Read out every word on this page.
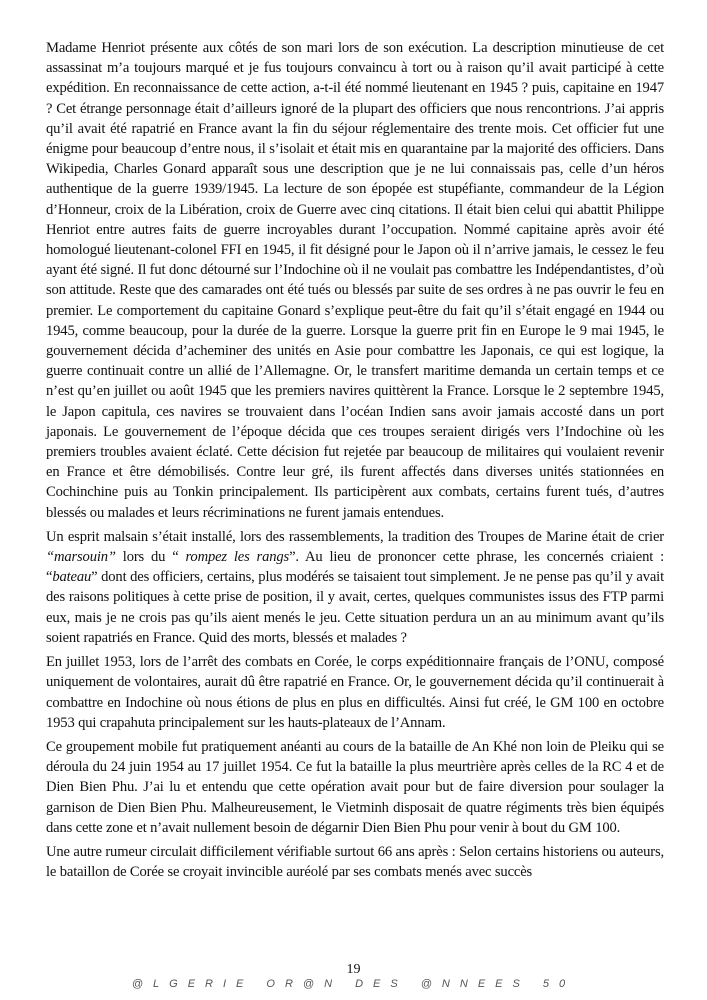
Madame Henriot présente aux côtés de son mari lors de son exécution. La description minutieuse de cet assassinat m’a toujours marqué et je fus toujours convaincu à tort ou à raison qu’il avait participé à cette expédition. En reconnaissance de cette action, a-t-il été nommé lieutenant en 1945 ? puis, capitaine en 1947 ? Cet étrange personnage était d’ailleurs ignoré de la plupart des officiers que nous rencontrions. J’ai appris qu’il avait été rapatrié en France avant la fin du séjour réglementaire des trente mois. Cet officier fut une énigme pour beaucoup d’entre nous, il s’isolait et était mis en quarantaine par la majorité des officiers. Dans Wikipedia, Charles Gonard apparaît sous une description que je ne lui connaissais pas, celle d’un héros authentique de la guerre 1939/1945. La lecture de son épopée est stupéfiante, commandeur de la Légion d’Honneur, croix de la Libération, croix de Guerre avec cinq citations. Il était bien celui qui abattit Philippe Henriot entre autres faits de guerre incroyables durant l’occupation. Nommé capitaine après avoir été homologué lieutenant-colonel FFI en 1945, il fit désigné pour le Japon où il n’arrive jamais, le cessez le feu ayant été signé. Il fut donc détourné sur l’Indochine où il ne voulait pas combattre les Indépendantistes, d’où son attitude. Reste que des camarades ont été tués ou blessés par suite de ses ordres à ne pas ouvrir le feu en premier. Le comportement du capitaine Gonard s’explique peut-être du fait qu’il s’était engagé en 1944 ou 1945, comme beaucoup, pour la durée de la guerre. Lorsque la guerre prit fin en Europe le 9 mai 1945, le gouvernement décida d’acheminer des unités en Asie pour combattre les Japonais, ce qui est logique, la guerre continuait contre un allié de l’Allemagne. Or, le transfert maritime demanda un certain temps et ce n’est qu’en juillet ou août 1945 que les premiers navires quittèrent la France. Lorsque le 2 septembre 1945, le Japon capitula, ces navires se trouvaient dans l’océan Indien sans avoir jamais accosté dans un port japonais. Le gouvernement de l’époque décida que ces troupes seraient dirigés vers l’Indochine où les premiers troubles avaient éclaté. Cette décision fut rejetée par beaucoup de militaires qui voulaient revenir en France et être démobilisés. Contre leur gré, ils furent affectés dans diverses unités stationnées en Cochinchine puis au Tonkin principalement. Ils participèrent aux combats, certains furent tués, d’autres blessés ou malades et leurs récriminations ne furent jamais entendues.

Un esprit malsain s’était installé, lors des rassemblements, la tradition des Troupes de Marine était de crier “marsouin” lors du “ rompez les rangs”. Au lieu de prononcer cette phrase, les concernés criaient : “bateau” dont des officiers, certains, plus modérés se taisaient tout simplement. Je ne pense pas qu’il y avait des raisons politiques à cette prise de position, il y avait, certes, quelques communistes issus des FTP parmi eux, mais je ne crois pas qu’ils aient menés le jeu. Cette situation perdura un an au minimum avant qu’ils soient rapatriés en France. Quid des morts, blessés et malades ?

En juillet 1953, lors de l’arrêt des combats en Corée, le corps expéditionnaire français de l’ONU, composé uniquement de volontaires, aurait dû être rapatrié en France. Or, le gouvernement décida qu’il continuerait à combattre en Indochine où nous étions de plus en plus en difficultés. Ainsi fut créé, le GM 100 en octobre 1953 qui crapahuta principalement sur les hauts-plateaux de l’Annam.

Ce groupement mobile fut pratiquement anéanti au cours de la bataille de An Khé non loin de Pleiku qui se déroula du 24 juin 1954 au 17 juillet 1954. Ce fut la bataille la plus meurtrière après celles de la RC 4 et de Dien Bien Phu. J’ai lu et entendu que cette opération avait pour but de faire diversion pour soulager la garnison de Dien Bien Phu. Malheureusement, le Vietminh disposait de quatre régiments très bien équipés dans cette zone et n’avait nullement besoin de dégarnir Dien Bien Phu pour venir à bout du GM 100.

Une autre rumeur circulait difficilement vérifiable surtout 66 ans après : Selon certains historiens ou auteurs, le bataillon de Corée se croyait invincible auréolé par ses combats menés avec succès

19
@LGERIE OR@N DES @NNEES 50
